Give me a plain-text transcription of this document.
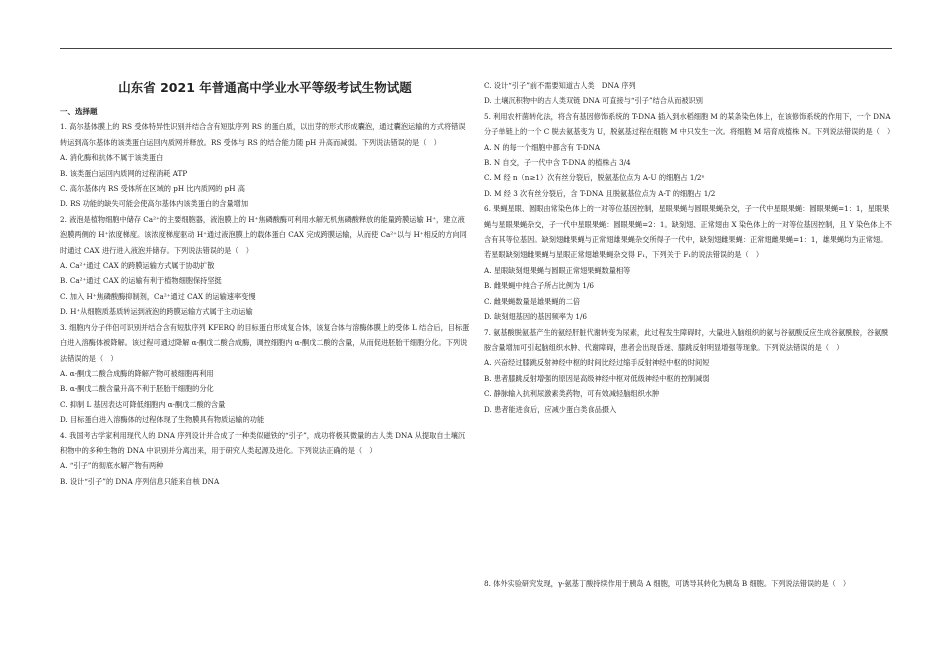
山东省 2021 年普通高中学业水平等级考试生物试题
一、选择题
1. 高尔基体膜上的 RS 受体特异性识别并结合含有短肽序列 RS 的蛋白质，以出芽的形式形成囊泡，通过囊泡运输的方式将错误转运到高尔基体的该类蛋白运回内质网并释放。RS 受体与 RS 的结合能力随 pH 升高而减弱。下列说法错误的是（　）
A. 消化酶和抗体不属于该类蛋白
B. 该类蛋白运回内质网的过程消耗 ATP
C. 高尔基体内 RS 受体所在区域的 pH 比内质网的 pH 高
D. RS 功能的缺失可能会使高尔基体内该类蛋白的含量增加
2. 液泡是植物细胞中储存 Ca²⁺的主要细胞器，液泡膜上的 H⁺焦磷酸酶可利用水解无机焦磷酸释放的能量跨膜运输 H⁺，建立液泡膜两侧的 H⁺浓度梯度。该浓度梯度驱动 H⁺通过液泡膜上的载体蛋白 CAX 完成跨膜运输，从而使 Ca²⁺以与 H⁺相反的方向同时通过 CAX 进行进入液泡并储存。下列说法错误的是（　）
A. Ca²⁺通过 CAX 的跨膜运输方式属于协助扩散
B. Ca²⁺通过 CAX 的运输有利于植物细胞保持坚挺
C. 加入 H⁺焦磷酸酶抑制剂，Ca²⁺通过 CAX 的运输速率变慢
D. H⁺从细胞质基质转运到液泡的跨膜运输方式属于主动运输
3. 细胞内分子伴侣可识别并结合含有短肽序列 KFERQ 的目标蛋白形成复合体，该复合体与溶酶体膜上的受体 L 结合后，目标蛋白进入溶酶体被降解。该过程可通过降解 α-酮戊二酸合成酶，调控细胞内 α-酮戊二酸的含量，从而促进胚胎干细胞分化。下列说法错误的是（　）
A. α-酮戊二酸合成酶的降解产物可被细胞再利用
B. α-酮戊二酸含量升高不利于胚胎干细胞的分化
C. 抑制 L 基因表达可降低细胞内 α-酮戊二酸的含量
D. 目标蛋白进入溶酶体的过程体现了生物膜具有物质运输的功能
4. 我国考古学家利用现代人的 DNA 序列设计并合成了一种类似磁铁的“引子”，成功将极其微量的古人类 DNA 从提取自土壤沉积物中的多种生物的 DNA 中识别并分离出来，用于研究人类起源及进化。下列说法正确的是（　）
A. “引子”的彻底水解产物有两种
B. 设计“引子”的 DNA 序列信息只能来自核 DNA
C. 设计“引子”前不需要知道古人类　DNA 序列
D. 土壤沉积物中的古人类双链 DNA 可直接与“引子”结合从而被识别
5. 利用农杆菌转化法，将含有基因修饰系统的 T-DNA 插入到水稻细胞 M 的某条染色体上，在该修饰系统的作用下，一个 DNA 分子单链上的一个 C 脱去氨基变为 U，脱氨基过程在细胞 M 中只发生一次。将细胞 M 培育成植株 N。下列说法错误的是（　）
A. N 的每一个细胞中都含有 T-DNA
B. N 自交，子一代中含 T-DNA 的植株占 3/4
C. M 经 n（n≥1）次有丝分裂后，脱氨基位点为 A-U 的细胞占 1/2ⁿ
D. M 经 3 次有丝分裂后，含 T-DNA 且脱氨基位点为 A-T 的细胞占 1/2
6. 果蝇星眼、圆眼由常染色体上的一对等位基因控制，星眼果蝇与圆眼果蝇杂交，子一代中星眼果蝇：圆眼果蝇=1：1，星眼果蝇与星眼果蝇杂交，子一代中星眼果蝇：圆眼果蝇=2：1。缺刻翅、正常翅由 X 染色体上的一对等位基因控制，且 Y 染色体上不含有其等位基因。缺刻翅雌果蝇与正常翅雄果蝇杂交所得子一代中，缺刻翅雌果蝇：正常翅雌果蝇=1：1，雄果蝇均为正常翅。若星眼缺刻翅雌果蝇与星眼正常翅雄果蝇杂交得 F₁，下列关于 F₁的说法错误的是（　）
A. 星眼缺刻翅果蝇与圆眼正常翅果蝇数量相等
B. 雌果蝇中纯合子所占比例为 1/6
C. 雌果蝇数量是雄果蝇的二倍
D. 缺刻翅基因的基因频率为 1/6
7. 氨基酸脱氨基产生的氨经肝脏代谢转变为尿素，此过程发生障碍时，大量进入脑组织的氨与谷氨酸反应生成谷氨酰胺，谷氨酰胺含量增加可引起脑组织水肿、代谢障碍，患者会出现昏迷、膝跳反射明显增强等现象。下列说法错误的是（　）
A. 兴奋经过膝跳反射神经中枢的时间比经过缩手反射神经中枢的时间短
B. 患者膝跳反射增强的原因是高级神经中枢对低级神经中枢的控制减弱
C. 静脉输入抗利尿激素类药物，可有效减轻脑组织水肿
D. 患者能进食后，应减少蛋白类食品摄入
8. 体外实验研究发现，γ-氨基丁酸持续作用于胰岛 A 细胞，可诱导其转化为胰岛 B 细胞。下列说法错误的是（　）
